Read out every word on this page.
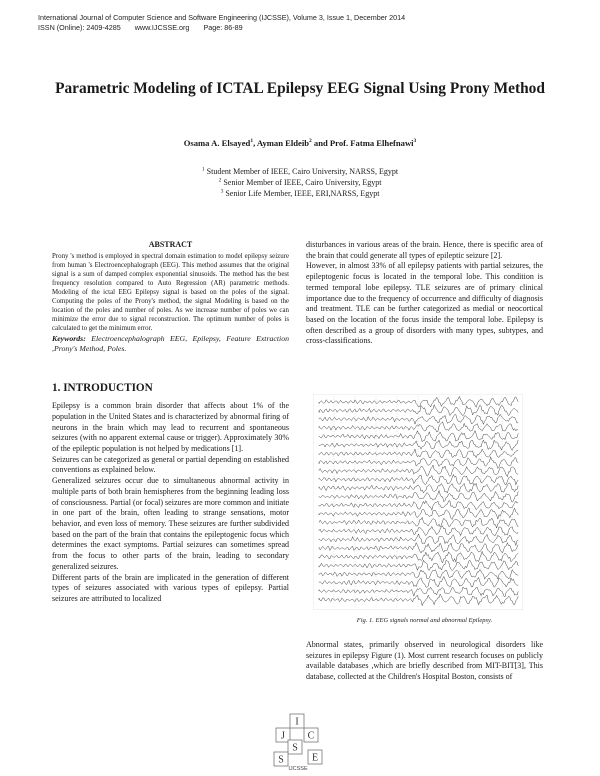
International Journal of Computer Science and Software Engineering (IJCSSE), Volume 3, Issue 1, December 2014
ISSN (Online): 2409-4285 www.IJCSSE.org Page: 86-89
Parametric Modeling of ICTAL Epilepsy EEG Signal Using Prony Method
Osama A. Elsayed$^1$, Ayman Eldeib$^2$ and Prof. Fatma Elhefnawi$^3$
$^1$ Student Member of IEEE, Cairo University, NARSS, Egypt
$^2$ Senior Member of IEEE, Cairo University, Egypt
$^3$ Senior Life Member, IEEE, ERI,NARSS, Egypt
ABSTRACT

Prony 's method is employed in spectral domain estimation to model epilepsy seizure from human 's Electroencephalograph (EEG). This method assumes that the original signal is a sum of damped complex exponential sinusoids. The method has the best frequency resolution compared to Auto Regression (AR) parametric methods. Modeling of the ictal EEG Epilepsy signal is based on the poles of the signal. Computing the poles of the Prony's method, the signal Modeling is based on the location of the poles and number of poles. As we increase number of poles we can minimize the error due to signal reconstruction. The optimum number of poles is calculated to get the minimum error.

Keywords: Electroencephalograph EEG, Epilepsy, Feature Extraction ,Prony's Method, Poles.

1. INTRODUCTION

Epilepsy is a common brain disorder that affects about 1% of the population in the United States and is characterized by abnormal firing of neurons in the brain which may lead to recurrent and spontaneous seizures (with no apparent external cause or trigger). Approximately 30% of the epileptic population is not helped by medications [1].

Seizures can be categorized as general or partial depending on established conventions as explained below.

Generalized seizures occur due to simultaneous abnormal activity in multiple parts of both brain hemispheres from the beginning leading loss of consciousness. Partial (or focal) seizures are more common and initiate in one part of the brain, often leading to strange sensations, motor behavior, and even loss of memory. These seizures are further subdivided based on the part of the brain that contains the epileptogenic focus which determines the exact symptoms. Partial seizures can sometimes spread from the focus to other parts of the brain, leading to secondary generalized seizures.

Different parts of the brain are implicated in the generation of different types of seizures associated with various types of epilepsy. Partial seizures are attributed to localized

disturbances in various areas of the brain. Hence, there is specific area of the brain that could generate all types of epileptic seizure [2].

However, in almost 33% of all epilepsy patients with partial seizures, the epileptogenic focus is located in the temporal lobe. This condition is termed temporal lobe epilepsy. TLE seizures are of primary clinical importance due to the frequency of occurrence and difficulty of diagnosis and treatment. TLE can be further categorized as medial or neocortical based on the location of the focus inside the temporal lobe. Epilepsy is often described as a group of disorders with many types, subtypes, and cross-classifications.

Fig. 1. EEG signals normal and abnormal Epilepsy.

Abnormal states, primarily observed in neurological disorders like seizures in epilepsy Figure (1). Most current research focuses on publicly available databases ,which are briefly described from MIT-BIT[3], This database, collected at the Children's Hospital Boston, consists of

I
J C
S
S	E
IJCSSE
